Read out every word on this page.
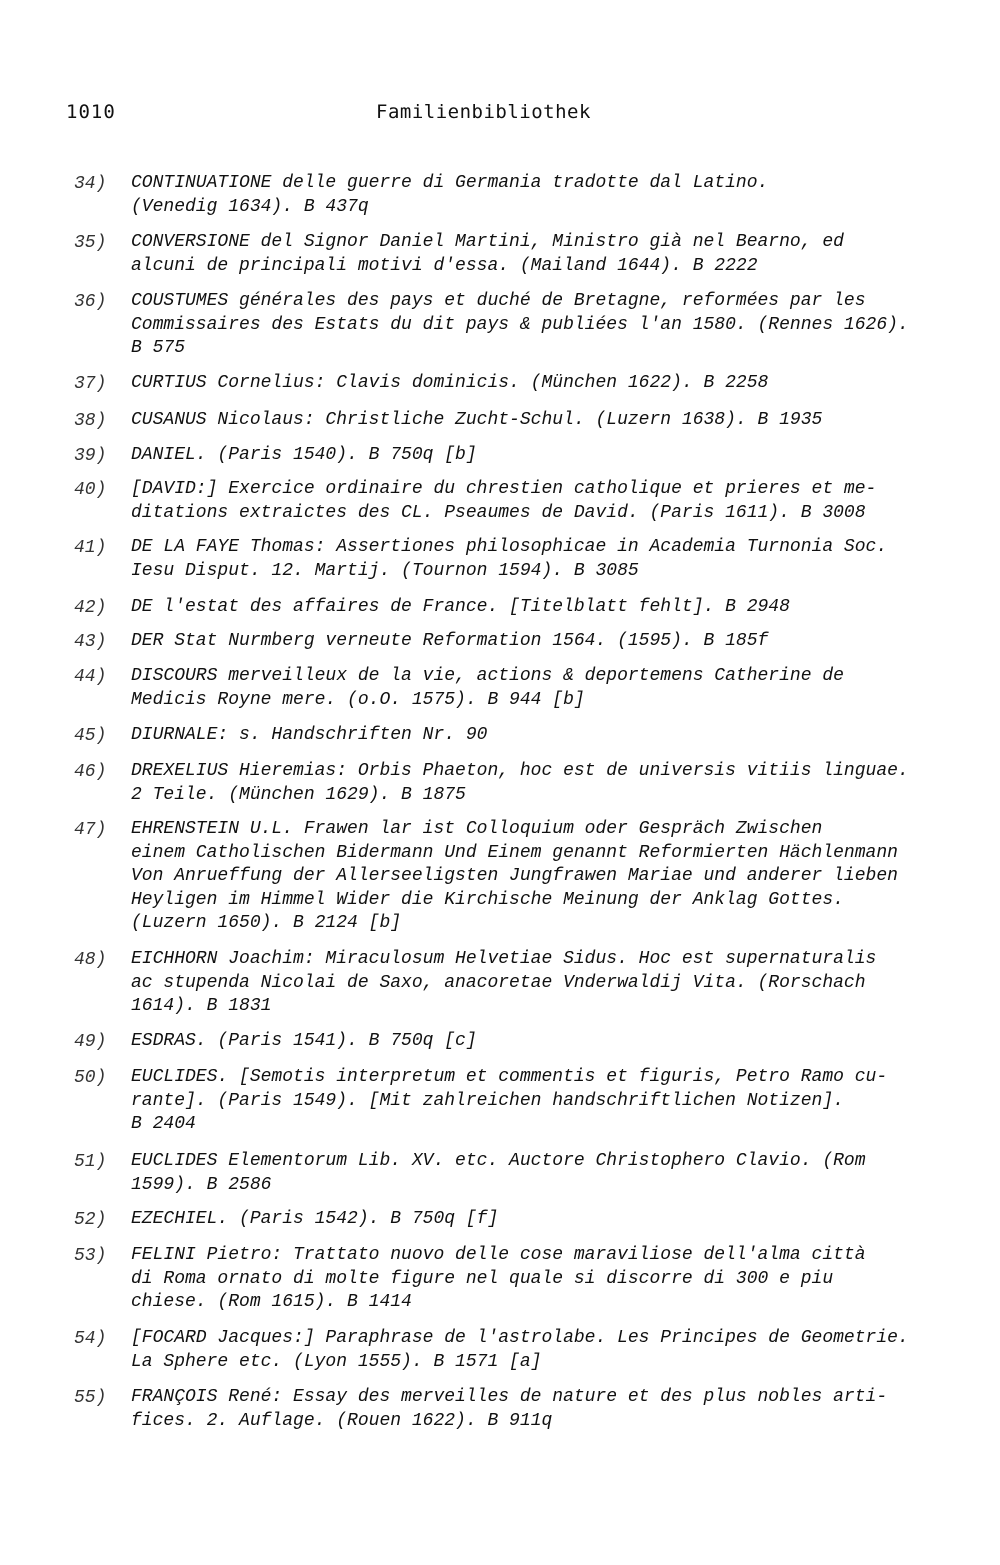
1010	Familienbibliothek
34)	CONTINUATIONE delle guerre di Germania tradotte dal Latino.
(Venedig 1634). B 437q
35)	CONVERSIONE del Signor Daniel Martini, Ministro già nel Bearno, ed
alcuni de principali motivi d'essa. (Mailand 1644). B 2222
36)	COUSTUMES générales des pays et duché de Bretagne, reformées par les
Commissaires des Estats du dit pays & publiées l'an 1580. (Rennes 1626).
B 575
37)	CURTIUS Cornelius: Clavis dominicis. (München 1622). B 2258
38)	CUSANUS Nicolaus: Christliche Zucht-Schul. (Luzern 1638). B 1935
39)	DANIEL. (Paris 1540). B 750q [b]
40)	[DAVID:] Exercice ordinaire du chrestien catholique et prieres et me-
ditations extraictes des CL. Pseaumes de David. (Paris 1611). B 3008
41)	DE LA FAYE Thomas: Assertiones philosophicae in Academia Turnonia Soc.
Iesu Disput. 12. Martij. (Tournon 1594). B 3085
42)	DE l'estat des affaires de France. [Titelblatt fehlt]. B 2948
43)	DER Stat Nurmberg verneute Reformation 1564. (1595). B 185f
44)	DISCOURS merveilleux de la vie, actions & deportemens Catherine de
Medicis Royne mere. (o.O. 1575). B 944 [b]
45)	DIURNALE: s. Handschriften Nr. 90
46)	DREXELIUS Hieremias: Orbis Phaeton, hoc est de universis vitiis linguae.
2 Teile. (München 1629). B 1875
47)	EHRENSTEIN U.L. Frawen lar ist Colloquium oder Gespräch Zwischen
einem Catholischen Bidermann Und Einem genannt Reformierten Hächlenmann
Von Anrueffung der Allerseeligsten Jungfrawen Mariae und anderer lieben
Heyligen im Himmel Wider die Kirchische Meinung der Anklag Gottes.
(Luzern 1650). B 2124 [b]
48)	EICHHORN Joachim: Miraculosum Helvetiae Sidus. Hoc est supernaturalis
ac stupenda Nicolai de Saxo, anacoretae Vnderwaldij Vita. (Rorschach
1614). B 1831
49)	ESDRAS. (Paris 1541). B 750q [c]
50)	EUCLIDES. [Semotis interpretum et commentis et figuris, Petro Ramo cu-
rante]. (Paris 1549). [Mit zahlreichen handschriftlichen Notizen].
B 2404
51)	EUCLIDES Elementorum Lib. XV. etc. Auctore Christophero Clavio. (Rom
1599). B 2586
52)	EZECHIEL. (Paris 1542). B 750q [f]
53)	FELINI Pietro: Trattato nuovo delle cose maraviliose dell'alma città
di Roma ornato di molte figure nel quale si discorre di 300 e piu
chiese. (Rom 1615). B 1414
54)	[FOCARD Jacques:] Paraphrase de l'astrolabe. Les Principes de Geometrie.
La Sphere etc. (Lyon 1555). B 1571 [a]
55)	FRANÇOIS René: Essay des merveilles de nature et des plus nobles arti-
fices. 2. Auflage. (Rouen 1622). B 911q
